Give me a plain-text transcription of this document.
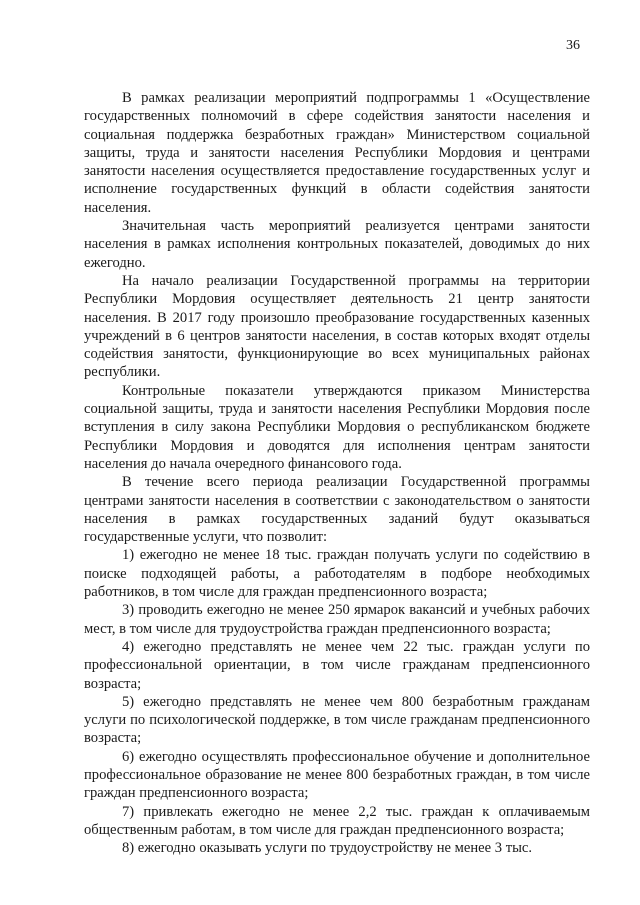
36

В рамках реализации мероприятий подпрограммы 1 «Осуществление государственных полномочий в сфере содействия занятости населения и социальная поддержка безработных граждан» Министерством социальной защиты, труда и занятости населения Республики Мордовия и центрами занятости населения осуществляется предоставление государственных услуг и исполнение государственных функций в области содействия занятости населения.

Значительная часть мероприятий реализуется центрами занятости населения в рамках исполнения контрольных показателей, доводимых до них ежегодно.

На начало реализации Государственной программы на территории Республики Мордовия осуществляет деятельность 21 центр занятости населения. В 2017 году произошло преобразование государственных казенных учреждений в 6 центров занятости населения, в состав которых входят отделы содействия занятости, функционирующие во всех муниципальных районах республики.

Контрольные показатели утверждаются приказом Министерства социальной защиты, труда и занятости населения Республики Мордовия после вступления в силу закона Республики Мордовия о республиканском бюджете Республики Мордовия и доводятся для исполнения центрам занятости населения до начала очередного финансового года.

В течение всего периода реализации Государственной программы центрами занятости населения в соответствии с законодательством о занятости населения в рамках государственных заданий будут оказываться государственные услуги, что позволит:

1) ежегодно не менее 18 тыс. граждан получать услуги по содействию в поиске подходящей работы, а работодателям в подборе необходимых работников, в том числе для граждан предпенсионного возраста;

3) проводить ежегодно не менее 250 ярмарок вакансий и учебных рабочих мест, в том числе для трудоустройства граждан предпенсионного возраста;

4) ежегодно представлять не менее чем 22 тыс. граждан услуги по профессиональной ориентации, в том числе гражданам предпенсионного возраста;

5) ежегодно представлять не менее чем 800 безработным гражданам услуги по психологической поддержке, в том числе гражданам предпенсионного возраста;

6) ежегодно осуществлять профессиональное обучение и дополнительное профессиональное образование не менее 800 безработных граждан, в том числе граждан предпенсионного возраста;

7) привлекать ежегодно не менее 2,2 тыс. граждан к оплачиваемым общественным работам, в том числе для граждан предпенсионного возраста;

8) ежегодно оказывать услуги по трудоустройству не менее 3 тыс.
